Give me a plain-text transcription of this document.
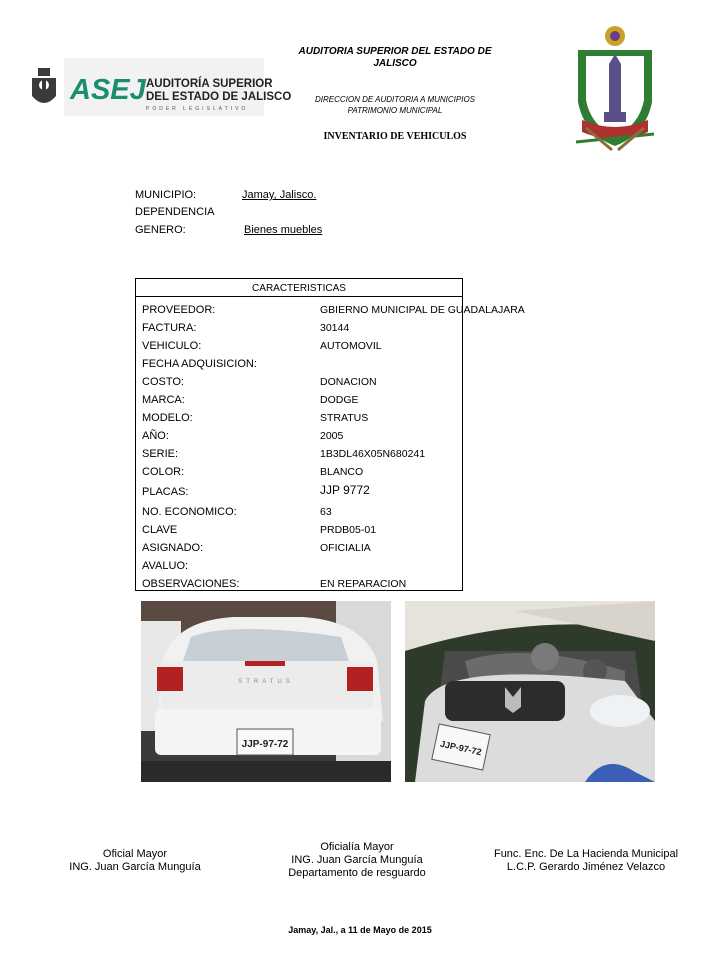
ASEJ AUDITORÍA SUPERIOR
DEL ESTADO DE JALISCO
PODER LEGISLATIVO
AUDITORIA SUPERIOR DEL ESTADO DE JALISCO
DIRECCION DE AUDITORIA A MUNICIPIOS
PATRIMONIO MUNICIPAL
INVENTARIO DE VEHICULOS
MUNICIPIO:	Jamay, Jalisco.
DEPENDENCIA
GENERO:	Bienes muebles
CARACTERISTICAS
PROVEEDOR:	GBIERNO MUNICIPAL DE GUADALAJARA
FACTURA:	30144
VEHICULO:	AUTOMOVIL
FECHA ADQUISICION:
COSTO:	DONACION
MARCA:	DODGE
MODELO:	STRATUS
AÑO:	2005
SERIE:	1B3DL46X05N680241
COLOR:	BLANCO
PLACAS:	JJP 9772
NO. ECONOMICO:	63
CLAVE	PRDB05-01
ASIGNADO:	OFICIALIA
AVALUO:
OBSERVACIONES:	EN REPARACION
STRATUS
JJP-97-72	JJP-97-72
Oficial Mayor
ING. Juan García Munguía
Oficialía Mayor
ING. Juan García Munguía
Departamento de resguardo
Func. Enc. De La Hacienda Municipal
L.C.P. Gerardo Jiménez Velazco
Jamay, Jal., a 11 de Mayo de 2015
